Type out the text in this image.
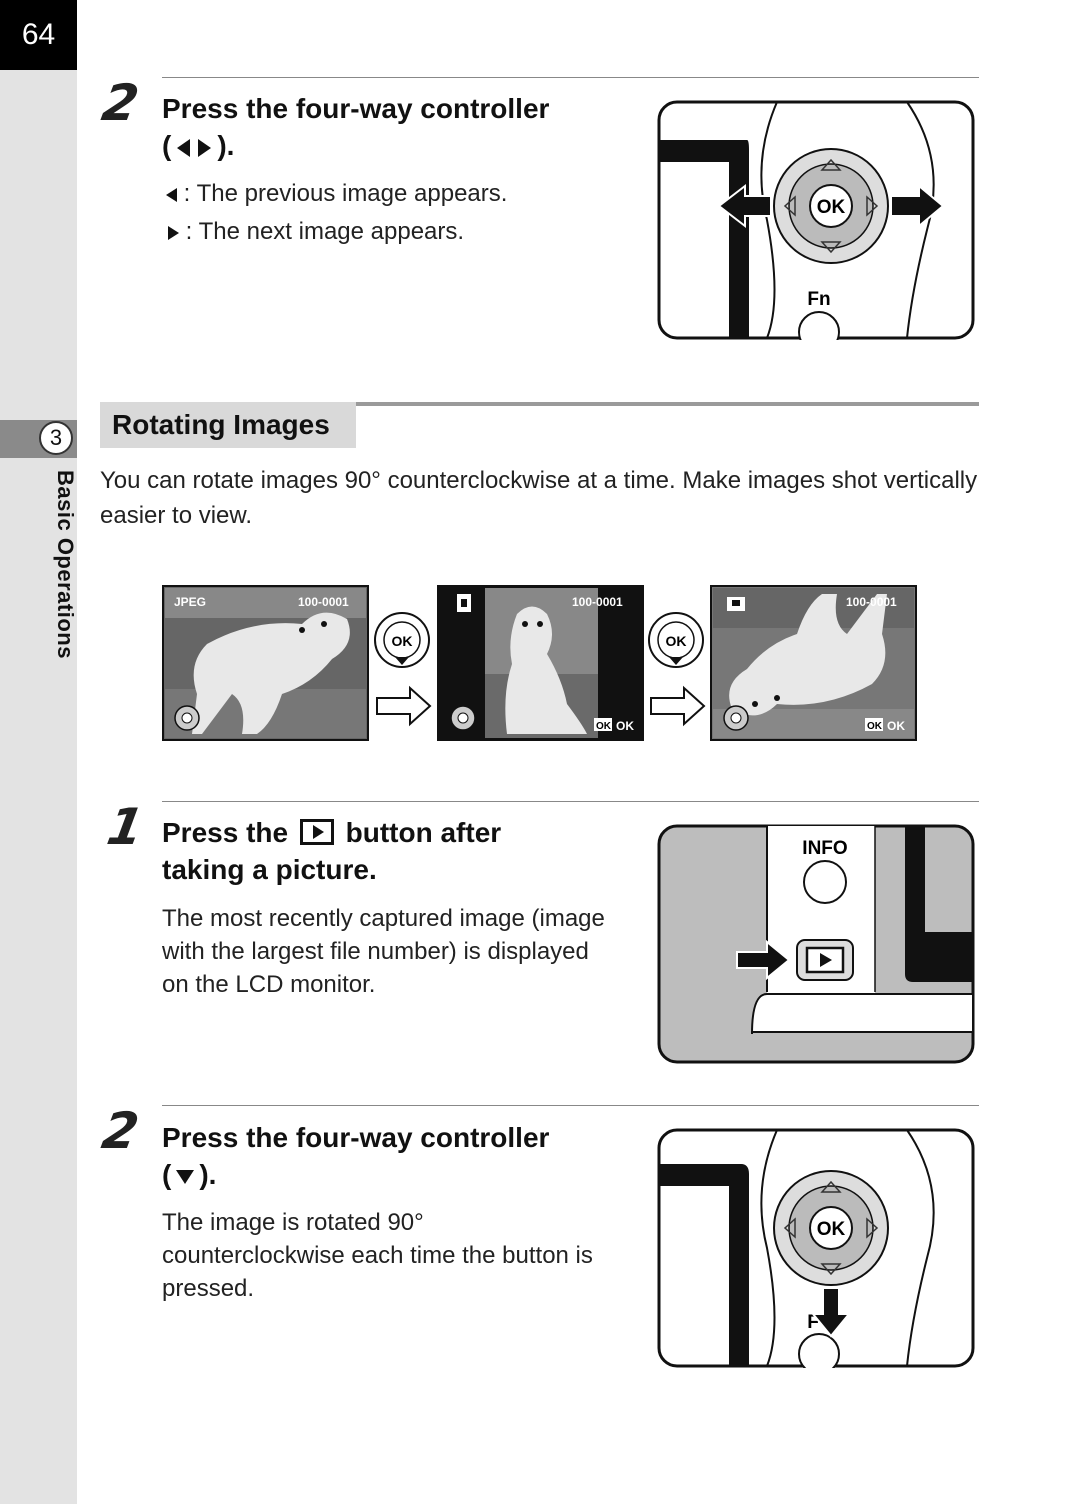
64
3
Basic Operations
2 Press the four-way controller
( ).
: The previous image appears.
: The next image appears.
OK
Fn
Rotating Images
You can rotate images 90° counterclockwise at a time. Make images shot vertically easier to view.
JPEG	100-0001
OK
100-0001
OK OK
OK
100-0001
OK OK
1 Press the button after
taking a picture.
The most recently captured image (image with the largest file number) is displayed on the LCD monitor.
INFO
2 Press the four-way controller
( ).
The image is rotated 90° counterclockwise each time the button is pressed.
OK
F
